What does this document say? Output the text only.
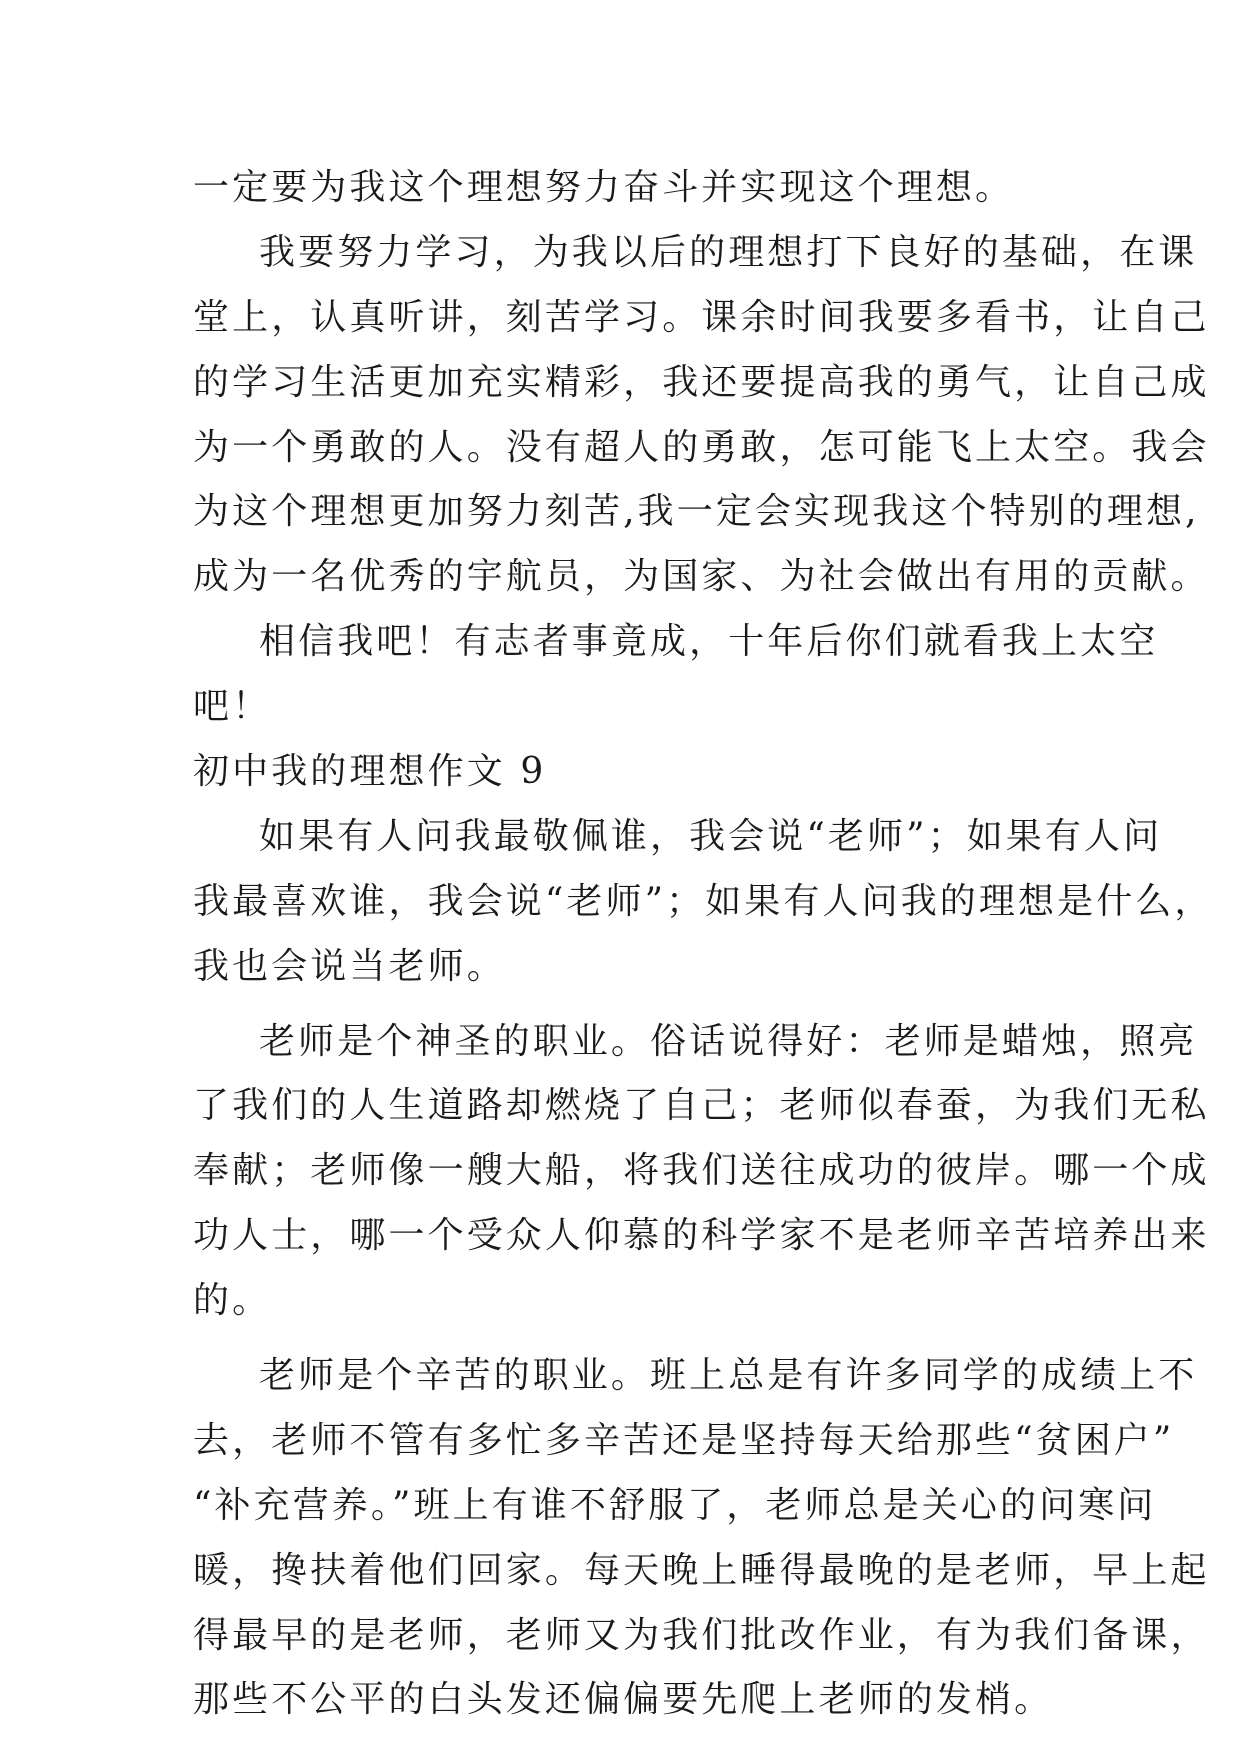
一定要为我这个理想努力奋斗并实现这个理想。
我要努力学习，为我以后的理想打下良好的基础，在课
堂上，认真听讲，刻苦学习。课余时间我要多看书，让自己
的学习生活更加充实精彩，我还要提高我的勇气，让自己成
为一个勇敢的人。没有超人的勇敢，怎可能飞上太空。我会
为这个理想更加努力刻苦,我一定会实现我这个特别的理想,
成为一名优秀的宇航员，为国家、为社会做出有用的贡献。
相信我吧！有志者事竟成，十年后你们就看我上太空
吧！
初中我的理想作文 9
如果有人问我最敬佩谁，我会说“老师”；如果有人问
我最喜欢谁，我会说“老师”；如果有人问我的理想是什么，
我也会说当老师。
老师是个神圣的职业。俗话说得好：老师是蜡烛，照亮
了我们的人生道路却燃烧了自己；老师似春蚕，为我们无私
奉献；老师像一艘大船，将我们送往成功的彼岸。哪一个成
功人士，哪一个受众人仰慕的科学家不是老师辛苦培养出来
的。
老师是个辛苦的职业。班上总是有许多同学的成绩上不
去，老师不管有多忙多辛苦还是坚持每天给那些“贫困户”
“补充营养。”班上有谁不舒服了，老师总是关心的问寒问
暖，搀扶着他们回家。每天晚上睡得最晚的是老师，早上起
得最早的是老师，老师又为我们批改作业，有为我们备课，
那些不公平的白头发还偏偏要先爬上老师的发梢。
